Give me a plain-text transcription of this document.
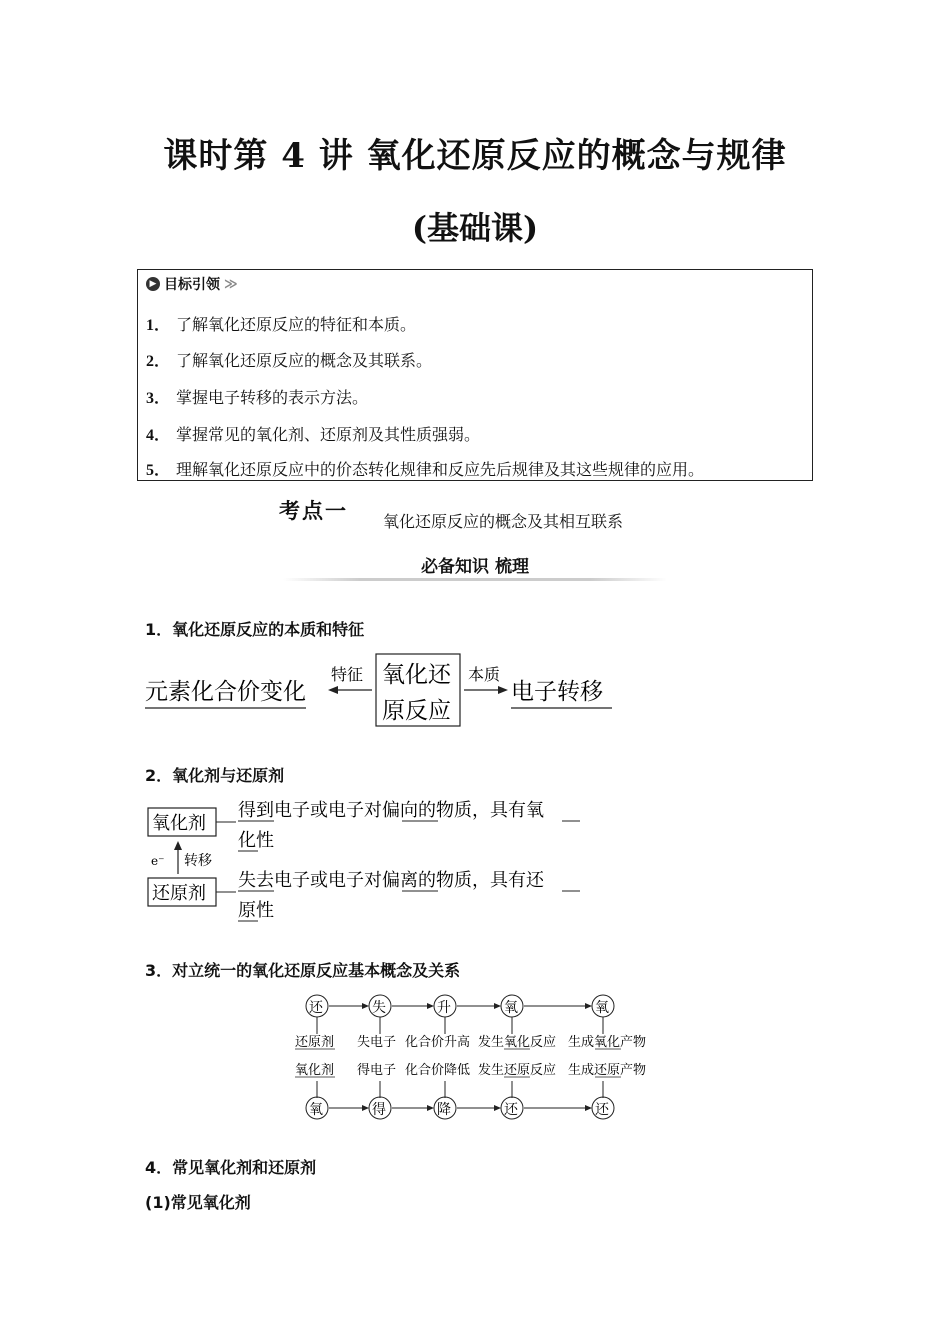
课时第 4 讲 氧化还原反应的概念与规律
(基础课)
▶ 目标引领 ≫
1． 了解氧化还原反应的特征和本质。
2． 了解氧化还原反应的概念及其联系。
3． 掌握电子转移的表示方法。
4． 掌握常见的氧化剂、还原剂及其性质强弱。
5． 理解氧化还原反应中的价态转化规律和反应先后规律及其这些规律的应用。
考点一 氧化还原反应的概念及其相互联系
必备知识 梳理
1．氧化还原反应的本质和特征
元素化合价变化
特征 氧化还
原反应
本质
电子转移
2．氧化剂与还原剂
氧化剂
得到电子或电子对偏向的物质，具有氧
化性
e⁻ 转移
还原剂
失去电子或电子对偏离的物质，具有还
原性
3．对立统一的氧化还原反应基本概念及关系
还	失	升	氧	氧
还原剂 失电子 化合价升高 发生氧化反应 生成氧化产物
氧化剂 得电子 化合价降低 发生还原反应 生成还原产物
氧	得	降	还	还
4．常见氧化剂和还原剂
(1)常见氧化剂
